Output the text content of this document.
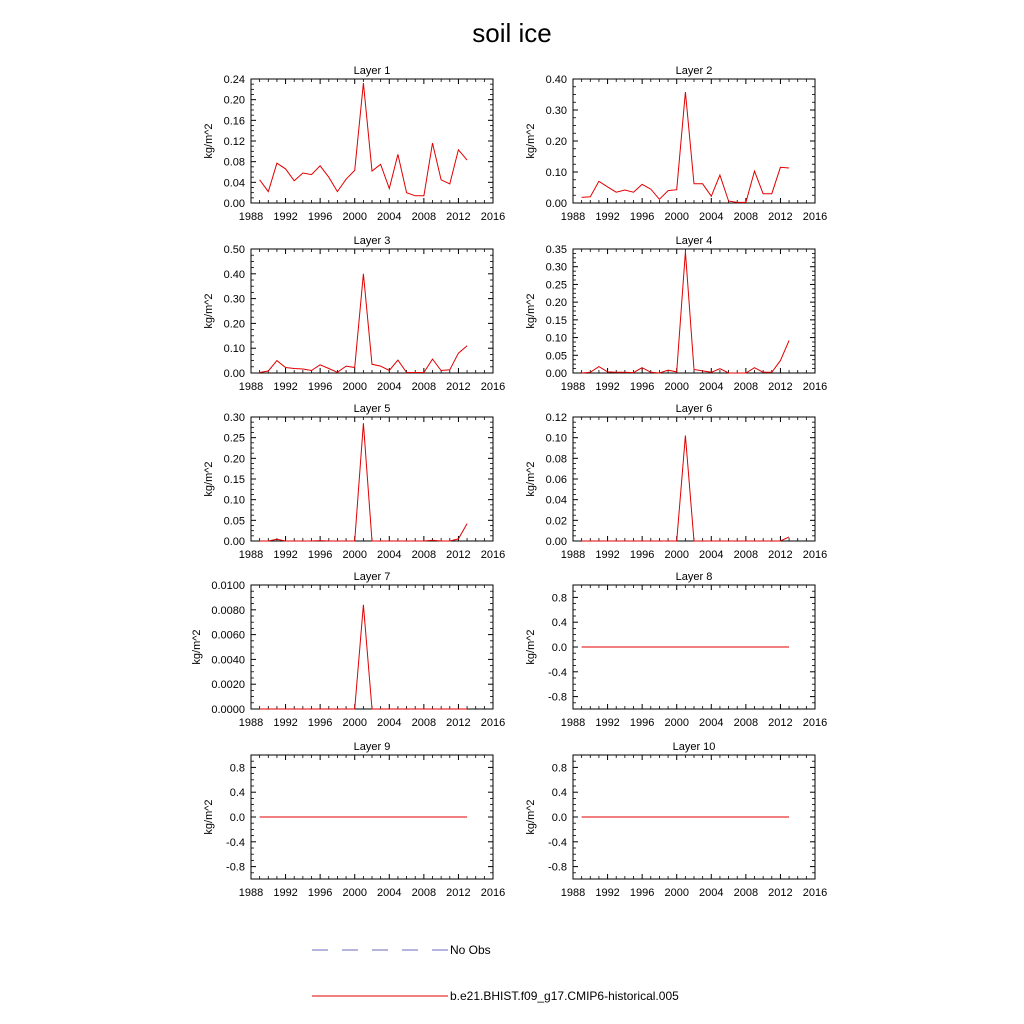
soil ice
Layer 1
1988 1992 1996 2000 2004 2008 2012 2016
0.00
0.04
0.08
0.12
0.16
0.20
0.24
kg/m^2
Layer 2
1988 1992 1996 2000 2004 2008 2012 2016
0.00
0.10
0.20
0.30
0.40
kg/m^2
Layer 3
1988 1992 1996 2000 2004 2008 2012 2016
0.00
0.10
0.20
0.30
0.40
0.50
kg/m^2
Layer 4
1988 1992 1996 2000 2004 2008 2012 2016
0.00
0.05
0.10
0.15
0.20
0.25
0.30
0.35
kg/m^2
Layer 5
1988 1992 1996 2000 2004 2008 2012 2016
0.00
0.05
0.10
0.15
0.20
0.25
0.30
kg/m^2
Layer 6
1988 1992 1996 2000 2004 2008 2012 2016
0.00
0.02
0.04
0.06
0.08
0.10
0.12
kg/m^2
Layer 7
1988 1992 1996 2000 2004 2008 2012 2016
0.0000
0.0020
0.0040
0.0060
0.0080
0.0100
kg/m^2
Layer 8
1988 1992 1996 2000 2004 2008 2012 2016
-0.8
-0.4
0.0
0.4
0.8
kg/m^2
Layer 9
1988 1992 1996 2000 2004 2008 2012 2016
-0.8
-0.4
0.0
0.4
0.8
kg/m^2
Layer 10
1988 1992 1996 2000 2004 2008 2012 2016
-0.8
-0.4
0.0
0.4
0.8
kg/m^2
No Obs
b.e21.BHIST.f09_g17.CMIP6-historical.005
